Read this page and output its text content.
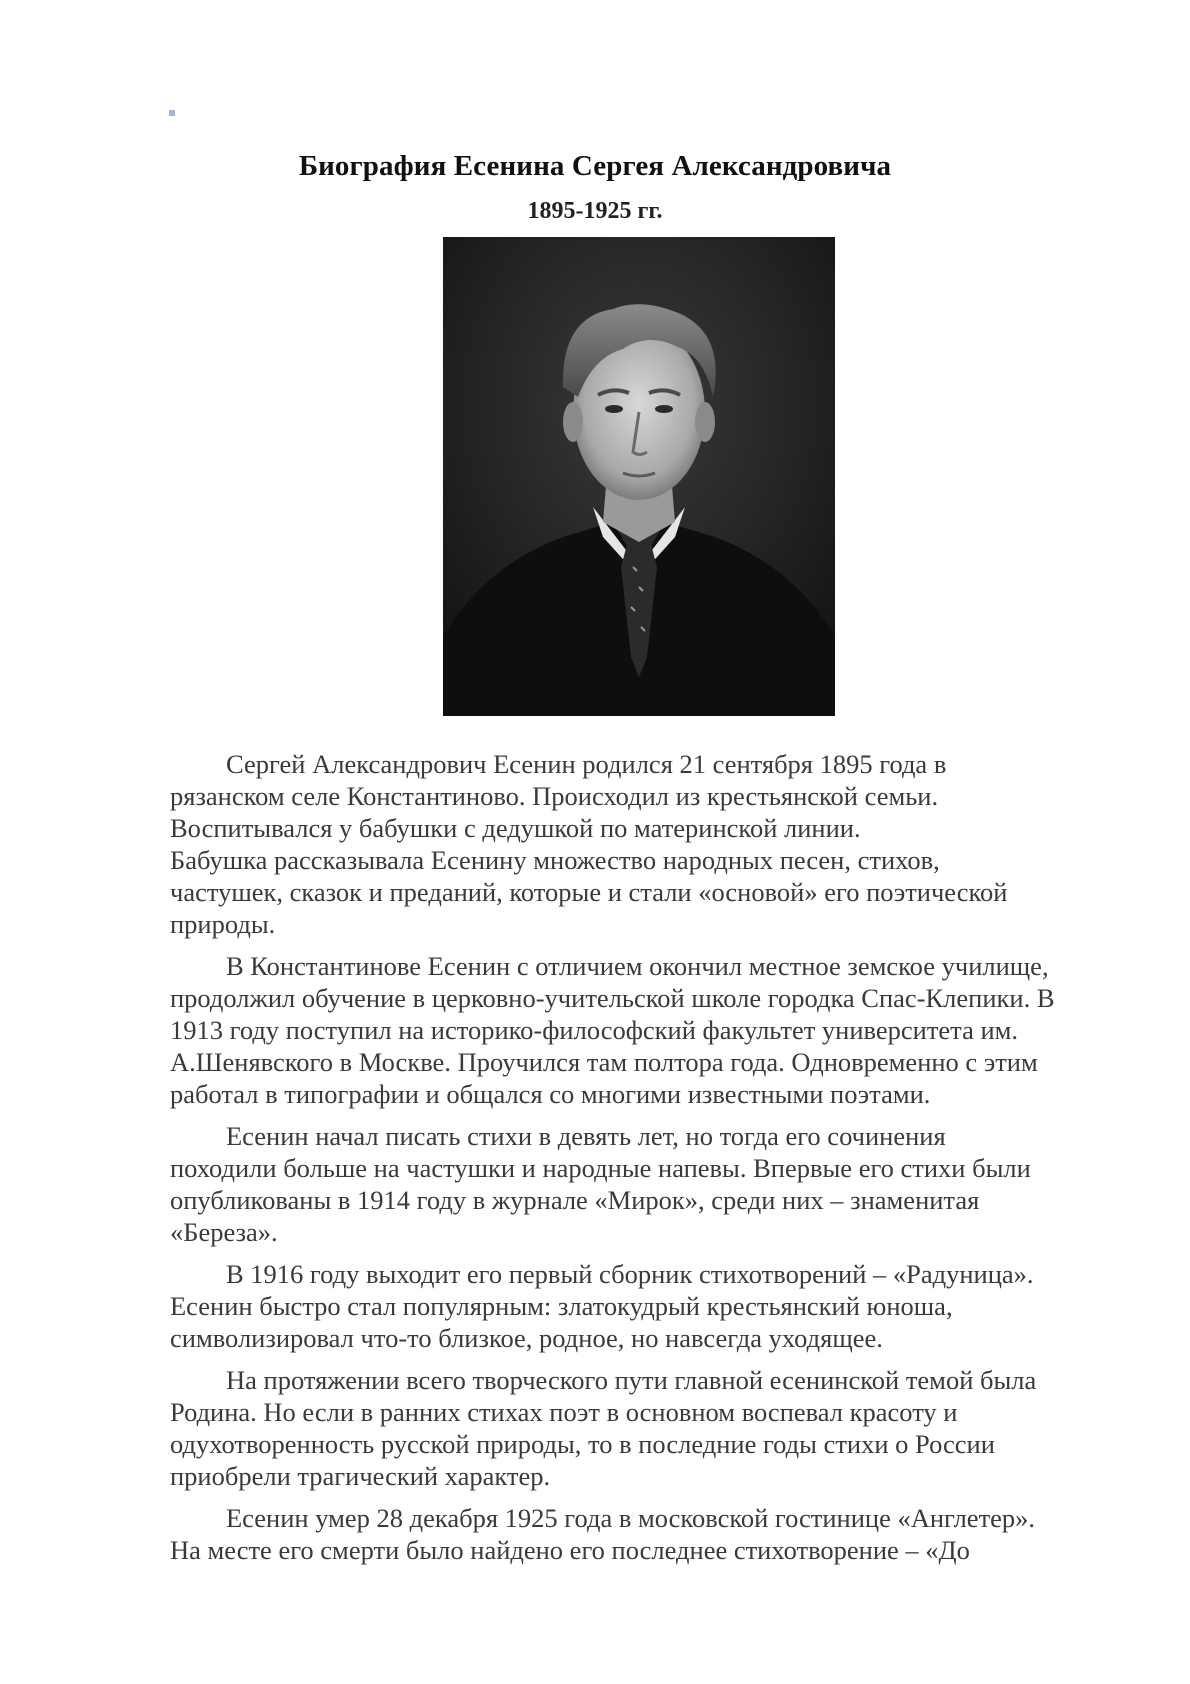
Биография Есенина Сергея Александровича
1895-1925 гг.
Сергей Александрович Есенин родился 21 сентября 1895 года в
рязанском селе Константиново. Происходил из крестьянской семьи.
Воспитывался у бабушки с дедушкой по материнской линии.
Бабушка рассказывала Есенину множество народных песен, стихов,
частушек, сказок и преданий, которые и стали «основой» его поэтической
природы.
В Константинове Есенин с отличием окончил местное земское училище,
продолжил обучение в церковно-учительской школе городка Спас-Клепики. В
1913 году поступил на историко-философский факультет университета им.
А.Шенявского в Москве. Проучился там полтора года. Одновременно с этим
работал в типографии и общался со многими известными поэтами.
Есенин начал писать стихи в девять лет, но тогда его сочинения
походили больше на частушки и народные напевы. Впервые его стихи были
опубликованы в 1914 году в журнале «Мирок», среди них – знаменитая
«Береза».
В 1916 году выходит его первый сборник стихотворений – «Радуница».
Есенин быстро стал популярным: златокудрый крестьянский юноша,
символизировал что-то близкое, родное, но навсегда уходящее.
На протяжении всего творческого пути главной есенинской темой была
Родина. Но если в ранних стихах поэт в основном воспевал красоту и
одухотворенность русской природы, то в последние годы стихи о России
приобрели трагический характер.
Есенин умер 28 декабря 1925 года в московской гостинице «Англетер».
На месте его смерти было найдено его последнее стихотворение – «До
